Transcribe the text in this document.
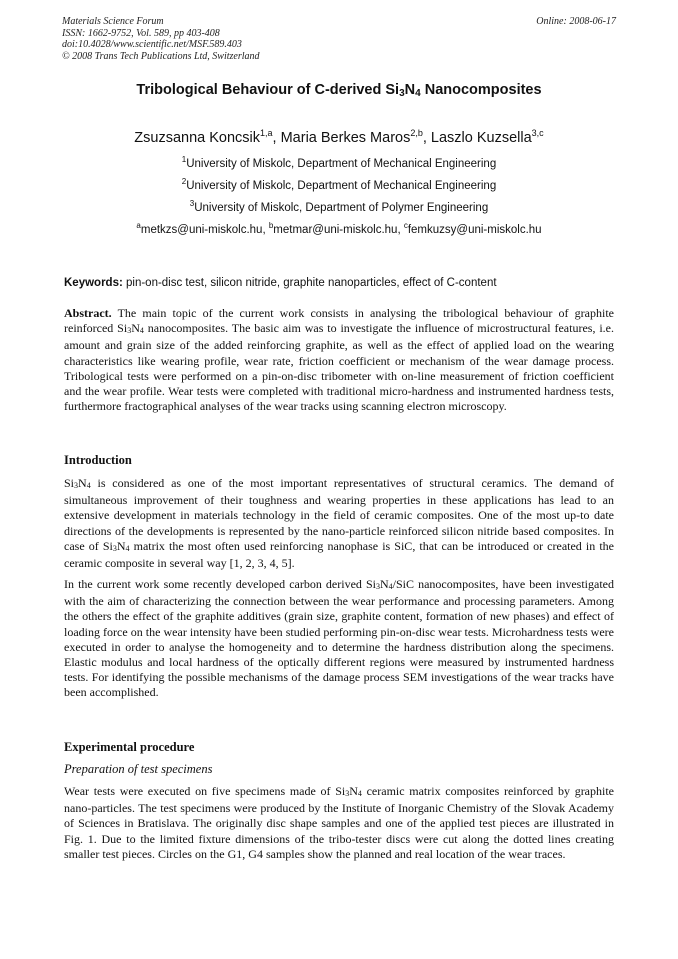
Materials Science Forum
ISSN: 1662-9752, Vol. 589, pp 403-408
doi:10.4028/www.scientific.net/MSF.589.403
© 2008 Trans Tech Publications Ltd, Switzerland
Online: 2008-06-17
Tribological Behaviour of C-derived $Si_3N_4$ Nanocomposites
Zsuzsanna Koncsik$^{1,a}$, Maria Berkes Maros$^{2,b}$, Laszlo Kuzsella$^{3,c}$
$^1$University of Miskolc, Department of Mechanical Engineering
$^2$University of Miskolc, Department of Mechanical Engineering
$^3$University of Miskolc, Department of Polymer Engineering
$^a$metkzs@uni-miskolc.hu, $^b$metmar@uni-miskolc.hu, $^c$femkuzsy@uni-miskolc.hu
Keywords: pin-on-disc test, silicon nitride, graphite nanoparticles, effect of C-content
Abstract. The main topic of the current work consists in analysing the tribological behaviour of graphite reinforced $Si_3N_4$ nanocomposites. The basic aim was to investigate the influence of microstructural features, i.e. amount and grain size of the added reinforcing graphite, as well as the effect of applied load on the wearing characteristics like wearing profile, wear rate, friction coefficient or mechanism of the wear damage process. Tribological tests were performed on a pin-on-disc tribometer with on-line measurement of friction coefficient and the wear profile. Wear tests were completed with traditional micro-hardness and instrumented hardness tests, furthermore fractographical analyses of the wear tracks using scanning electron microscopy.
Introduction
$Si_3N_4$ is considered as one of the most important representatives of structural ceramics. The demand of simultaneous improvement of their toughness and wearing properties in these applications has lead to an extensive development in materials technology in the field of ceramic composites. One of the most up-to date directions of the developments is represented by the nano-particle reinforced silicon nitride based composites. In case of $Si_3N_4$ matrix the most often used reinforcing nanophase is SiC, that can be introduced or created in the ceramic composite in several way [1, 2, 3, 4, 5].
In the current work some recently developed carbon derived $Si_3N_4$/SiC nanocomposites, have been investigated with the aim of characterizing the connection between the wear performance and processing parameters. Among the others the effect of the graphite additives (grain size, graphite content, formation of new phases) and effect of loading force on the wear intensity have been studied performing pin-on-disc wear tests. Microhardness tests were executed in order to analyse the homogeneity and to determine the hardness distribution along the specimens. Elastic modulus and local hardness of the optically different regions were measured by instrumented hardness tests. For identifying the possible mechanisms of the damage process SEM investigations of the wear tracks have been accomplished.
Experimental procedure
Preparation of test specimens
Wear tests were executed on five specimens made of $Si_3N_4$ ceramic matrix composites reinforced by graphite nano-particles. The test specimens were produced by the Institute of Inorganic Chemistry of the Slovak Academy of Sciences in Bratislava. The originally disc shape samples and one of the applied test pieces are illustrated in Fig. 1. Due to the limited fixture dimensions of the tribo-tester discs were cut along the dotted lines creating smaller test pieces. Circles on the G1, G4 samples show the planned and real location of the wear traces.
